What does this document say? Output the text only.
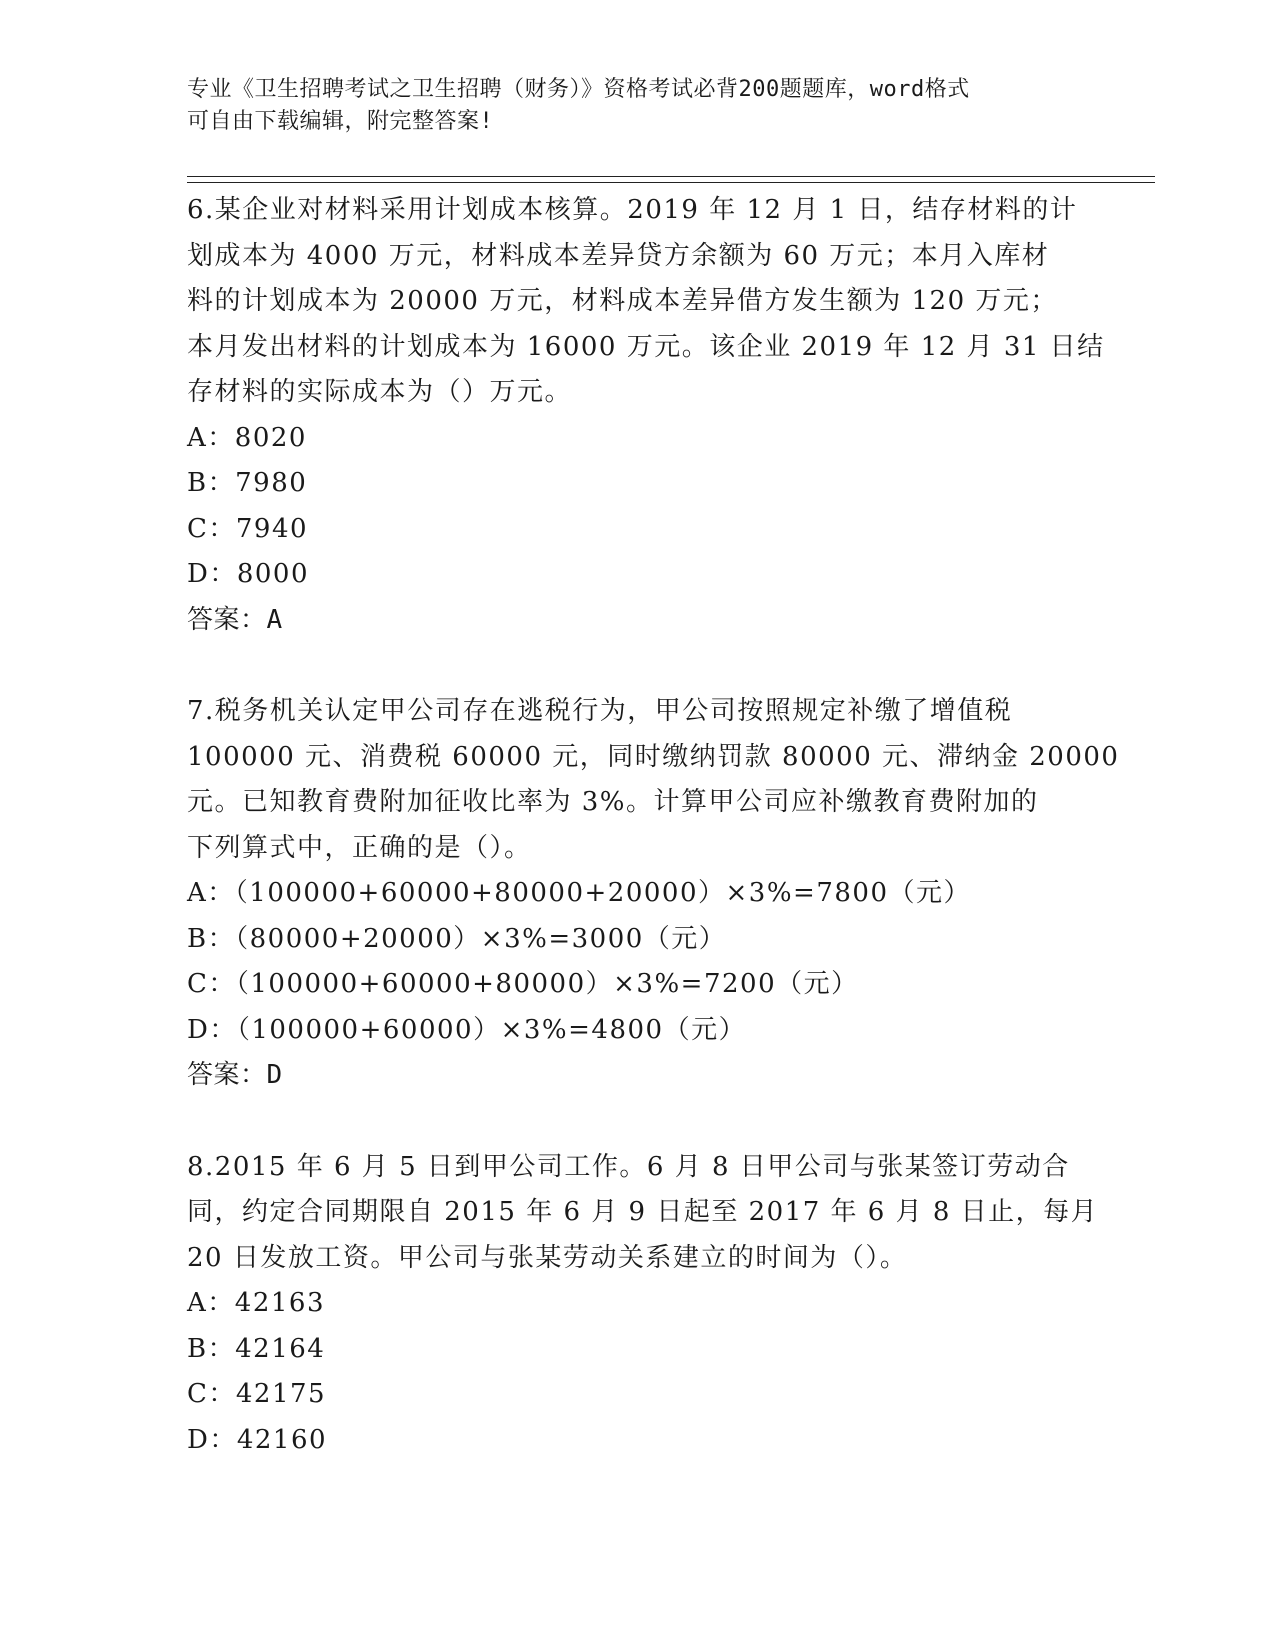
专业《卫生招聘考试之卫生招聘（财务）》资格考试必背200题题库，word格式
可自由下载编辑，附完整答案!
6.某企业对材料采用计划成本核算。2019 年 12 月 1 日，结存材料的计
划成本为 4000 万元，材料成本差异贷方余额为 60 万元；本月入库材
料的计划成本为 20000 万元，材料成本差异借方发生额为 120 万元；
本月发出材料的计划成本为 16000 万元。该企业 2019 年 12 月 31 日结
存材料的实际成本为（）万元。
A：8020
B：7980
C：7940
D：8000
答案：A
7.税务机关认定甲公司存在逃税行为，甲公司按照规定补缴了增值税
100000 元、消费税 60000 元，同时缴纳罚款 80000 元、滞纳金 20000
元。已知教育费附加征收比率为 3%。计算甲公司应补缴教育费附加的
下列算式中，正确的是（）。
A：（100000+60000+80000+20000）×3%=7800（元）
B：（80000+20000）×3%=3000（元）
C：（100000+60000+80000）×3%=7200（元）
D：（100000+60000）×3%=4800（元）
答案：D
8.2015 年 6 月 5 日到甲公司工作。6 月 8 日甲公司与张某签订劳动合
同，约定合同期限自 2015 年 6 月 9 日起至 2017 年 6 月 8 日止，每月
20 日发放工资。甲公司与张某劳动关系建立的时间为（）。
A：42163
B：42164
C：42175
D：42160
